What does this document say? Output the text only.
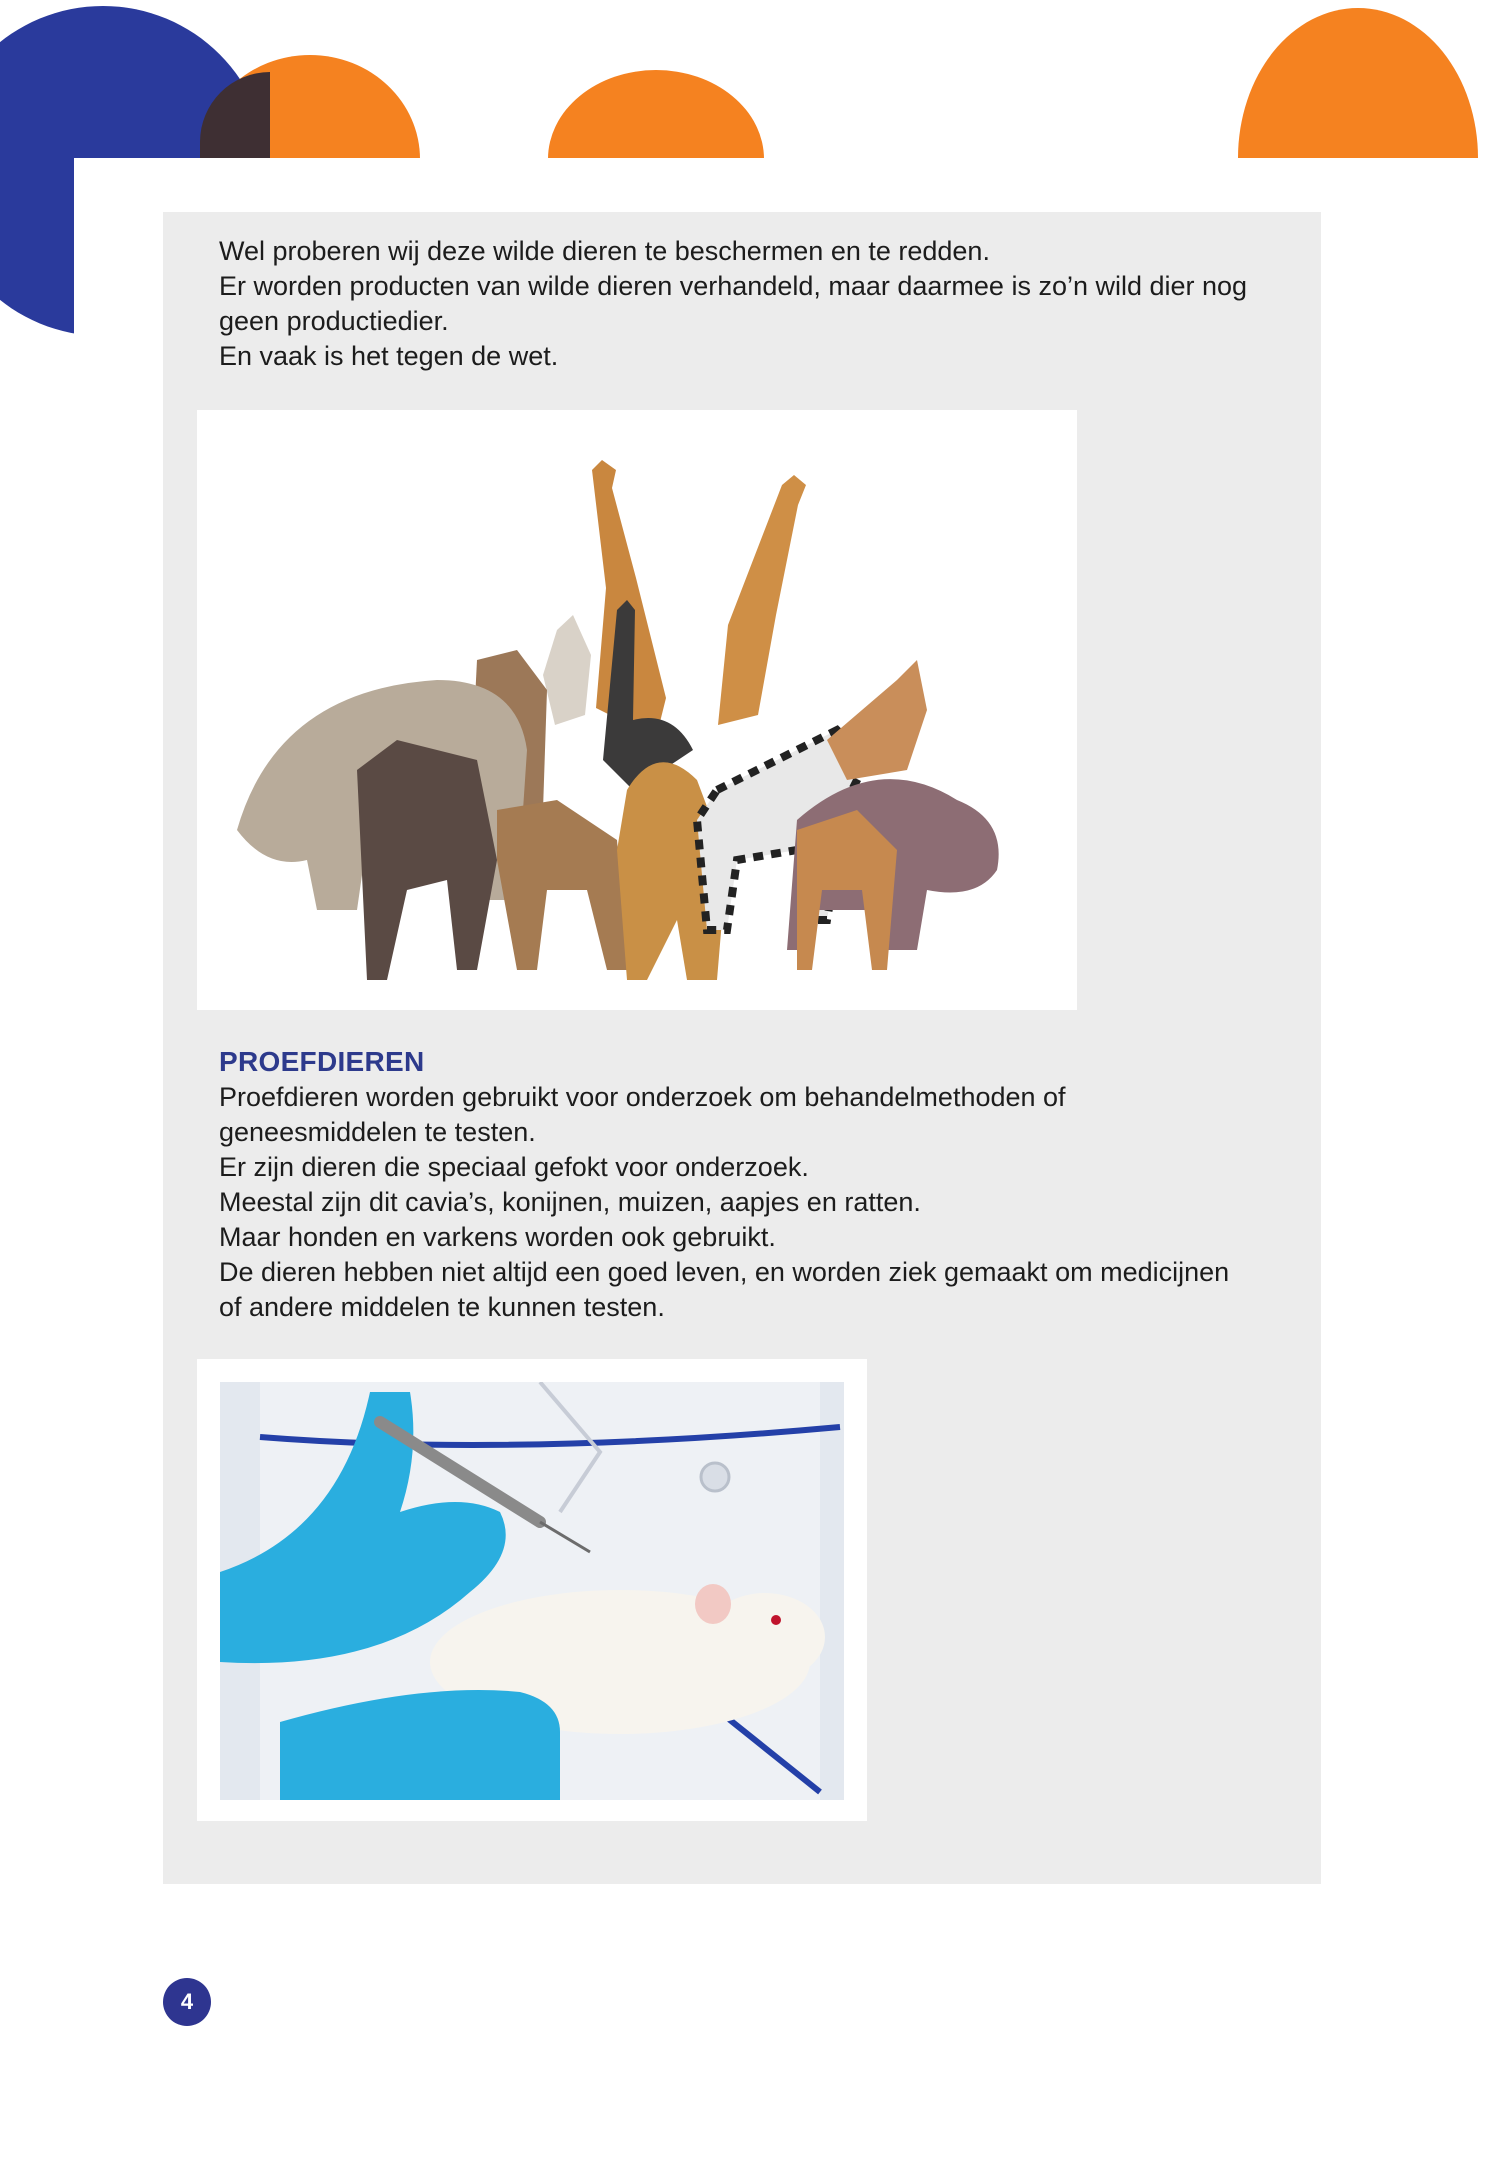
Wel proberen wij deze wilde dieren te beschermen en te redden.
Er worden producten van wilde dieren verhandeld, maar daarmee is zo’n wild dier nog
geen productiedier.
En vaak is het tegen de wet.

PROEFDIEREN

Proefdieren worden gebruikt voor onderzoek om behandelmethoden of
geneesmiddelen te testen.
Er zijn dieren die speciaal gefokt voor onderzoek.
Meestal zijn dit cavia’s, konijnen, muizen, aapjes en ratten.
Maar honden en varkens worden ook gebruikt.
De dieren hebben niet altijd een goed leven, en worden ziek gemaakt om medicijnen
of andere middelen te kunnen testen.

4
